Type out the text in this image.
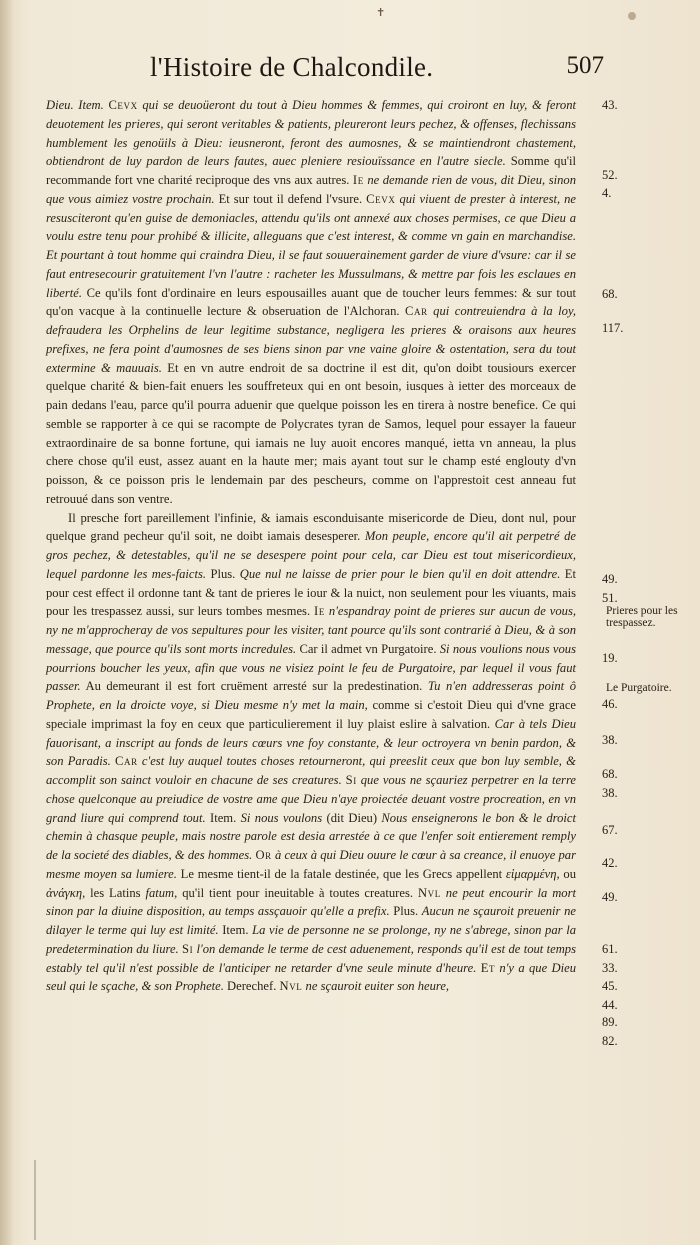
✝
l'Histoire de Chalcondile.	507

Dieu. Item. Cevx qui se deuoüeront du tout à Dieu hommes & femmes, qui croiront en luy, & feront deuotement les prieres, qui seront veritables & patients, pleureront leurs pechez, & offenses, flechissans humblement les genoüils à Dieu: ieusneront, feront des aumosnes, & se maintiendront chastement, obtiendront de luy pardon de leurs fautes, auec pleniere resiouïssance en l'autre siecle. Somme qu'il recommande fort vne charité reciproque des vns aux autres. Ie ne demande rien de vous, dit Dieu, sinon que vous aimiez vostre prochain. Et sur tout il defend l'vsure. Cevx qui viuent de prester à interest, ne resusciteront qu'en guise de demoniacles, attendu qu'ils ont annexé aux choses permises, ce que Dieu a voulu estre tenu pour prohibé & illicite, alleguans que c'est interest, & comme vn gain en marchandise. Et pourtant à tout homme qui craindra Dieu, il se faut souuerainement garder de viure d'vsure: car il se faut entresecourir gratuitement l'vn l'autre : racheter les Mussulmans, & mettre par fois les esclaues en liberté. Ce qu'ils font d'ordinaire en leurs espousailles auant que de toucher leurs femmes: & sur tout qu'on vacque à la continuelle lecture & obseruation de l'Alchoran. Car qui contreuiendra à la loy, defraudera les Orphelins de leur legitime substance, negligera les prieres & oraisons aux heures prefixes, ne fera point d'aumosnes de ses biens sinon par vne vaine gloire & ostentation, sera du tout extermine & mauuais. Et en vn autre endroit de sa doctrine il est dit, qu'on doibt tousiours exercer quelque charité & bien-fait enuers les souffreteux qui en ont besoin, iusques à ietter des morceaux de pain dedans l'eau, parce qu'il pourra aduenir que quelque poisson les en tirera à nostre benefice. Ce qui semble se rapporter à ce qui se racompte de Polycrates tyran de Samos, lequel pour essayer la faueur extraordinaire de sa bonne fortune, qui iamais ne luy auoit encores manqué, ietta vn anneau, la plus chere chose qu'il eust, assez auant en la haute mer; mais ayant tout sur le champ esté englouty d'vn poisson, & ce poisson pris le lendemain par des pescheurs, comme on l'apprestoit cest anneau fut retrouué dans son ventre.

Il presche fort pareillement l'infinie, & iamais esconduisante misericorde de Dieu, dont nul, pour quelque grand pecheur qu'il soit, ne doibt iamais desesperer. Mon peuple, encore qu'il ait perpetré de gros pechez, & detestables, qu'il ne se desespere point pour cela, car Dieu est tout misericordieux, lequel pardonne les mes-faicts. Plus. Que nul ne laisse de prier pour le bien qu'il en doit attendre. Et pour cest effect il ordonne tant & tant de prieres le iour & la nuict, non seulement pour les viuants, mais pour les trespassez aussi, sur leurs tombes mesmes. Ie n'espandray point de prieres sur aucun de vous, ny ne m'approcheray de vos sepultures pour les visiter, tant pource qu'ils sont contrarié à Dieu, & à son message, que pource qu'ils sont morts incredules. Car il admet vn Purgatoire. Si nous voulions nous vous pourrions boucher les yeux, afin que vous ne visiez point le feu de Purgatoire, par lequel il vous faut passer. Au demeurant il est fort cruëment arresté sur la predestination. Tu n'en addresseras point ô Prophete, en la droicte voye, si Dieu mesme n'y met la main, comme si c'estoit Dieu qui d'vne grace speciale imprimast la foy en ceux que particulierement il luy plaist eslire à salvation. Car à tels Dieu fauorisant, a inscript au fonds de leurs cœurs vne foy constante, & leur octroyera vn benin pardon, & son Paradis. Car c'est luy auquel toutes choses retourneront, qui preeslit ceux que bon luy semble, & accomplit son sainct vouloir en chacune de ses creatures. Si que vous ne sçauriez perpetrer en la terre chose quelconque au preiudice de vostre ame que Dieu n'aye proiectée deuant vostre procreation, en vn grand liure qui comprend tout. Item. Si nous voulons (dit Dieu) Nous enseignerons le bon & le droict chemin à chasque peuple, mais nostre parole est desia arrestée à ce que l'enfer soit entierement remply de la societé des diables, & des hommes. Or à ceux à qui Dieu ouure le cœur à sa creance, il enuoye par mesme moyen sa lumiere. Le mesme tient-il de la fatale destinée, que les Grecs appellent εἱμαρμένη, ou ἀνάγκη, les Latins fatum, qu'il tient pour ineuitable à toutes creatures. Nvl ne peut encourir la mort sinon par la diuine disposition, au temps assçauoir qu'elle a prefix. Plus. Aucun ne sçauroit preuenir ne dilayer le terme qui luy est limité. Item. La vie de personne ne se prolonge, ny ne s'abrege, sinon par la predetermination du liure. Si l'on demande le terme de cest aduenement, responds qu'il est de tout temps estably tel qu'il n'est possible de l'anticiper ne retarder d'vne seule minute d'heure. Et n'y a que Dieu seul qui le sçache, & son Prophete. Derechef. Nvl ne sçauroit euiter son heure,

43.
52.
4.
68.
117.
49.
51.
19.
46.
38.
68.
38.
67.
42.
49.
61.
33.
45.
44.
89.
82.
Prieres pour les trespassez.
Le Purgatoire.
